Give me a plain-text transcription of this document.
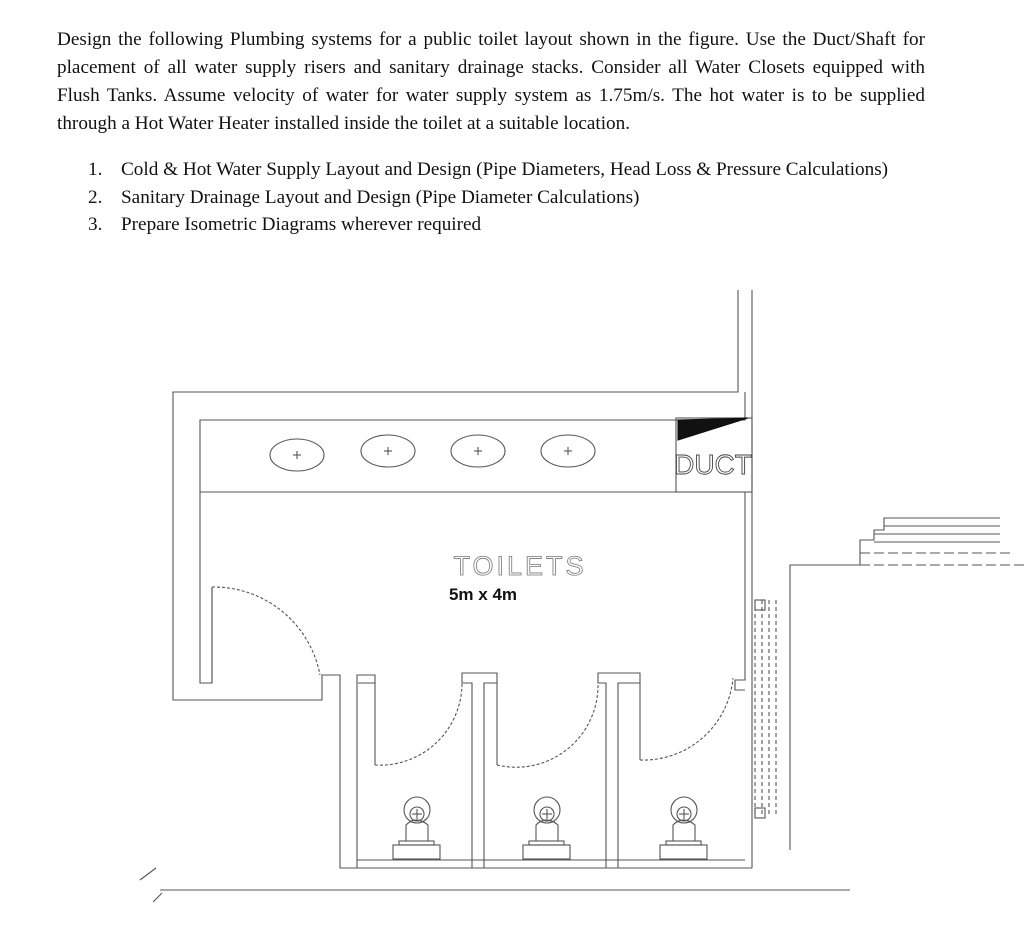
Design the following Plumbing systems for a public toilet layout shown in the figure. Use the Duct/Shaft for placement of all water supply risers and sanitary drainage stacks. Consider all Water Closets equipped with Flush Tanks. Assume velocity of water for water supply system as 1.75m/s. The hot water is to be supplied through a Hot Water Heater installed inside the toilet at a suitable location.

1. Cold & Hot Water Supply Layout and Design (Pipe Diameters, Head Loss & Pressure Calculations)
2. Sanitary Drainage Layout and Design (Pipe Diameter Calculations)
3. Prepare Isometric Diagrams wherever required
DUCT
TOILETS
5m x 4m
